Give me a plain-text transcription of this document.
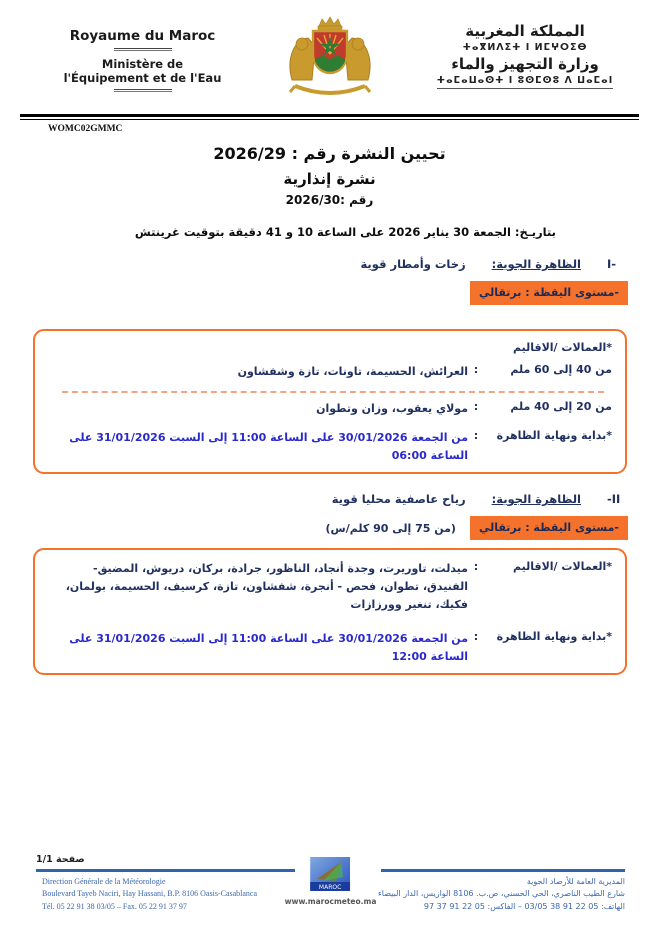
Royaume du Maroc
Ministère de
l'Équipement et de l'Eau
المملكة المغربية
ⵜⴰⴳⵍⴷⵉⵜ ⵏ ⵍⵎⵖⵔⵉⴱ
وزارة التجهيز والماء
ⵜⴰⵎⴰⵡⴰⵙⵜ ⵏ ⵓⵙⵎⵙⵓ ⴷ ⵡⴰⵎⴰⵏ
WOMC02GMMC
تحيين النشرة رقم : 2026/29
نشرة إنذارية
رقم :2026/30
بتاريـخ: الجمعة 30 يناير 2026 على الساعة 10 و 41 دقيقة بتوقيت غرينتش
I-
الظاهرة الجوية:
زخات وأمطار قوية
-مستوى اليقظة : برتقالي
*العمالات /الاقاليم
من 40 إلى 60 ملم
:
العرائش، الحسيمة، تاونات، تازة وشفشاون
من 20 إلى 40 ملم
:
مولاي يعقوب، وزان وتطوان
*بداية ونهاية الظاهرة
:
من الجمعة 30/01/2026 على الساعة 11:00 إلى السبت 31/01/2026 على الساعة 06:00
-II
الظاهرة الجوية:
رياح عاصفية محليا قوية
-مستوى اليقظة : برتقالي
(من 75 إلى 90 كلم/س)
*العمالات /الاقاليم
:
ميدلت، تاوريرت، وجدة أنجاد، الناظور، جرادة، بركان، دريوش، المضيق-الفنيدق، تطوان، فحص - أنجرة، شفشاون، تازة، كرسيف، الحسيمة، بولمان، فكيك، تنغير وورزازات
*بداية ونهاية الظاهرة
:
من الجمعة 30/01/2026 على الساعة 11:00 إلى السبت 31/01/2026 على الساعة 12:00
صفحة 1/1
Direction Générale de la Météorologie
Boulevard Tayeb Naciri, Hay Hassani, B.P. 8106 Oasis-Casablanca
Tél. 05 22 91 38 03/05 – Fax. 05 22 91 37 97
MAROC
www.marocmeteo.ma
المديرية العامة للأرصاد الجوية
شارع الطيب الناصري، الحي الحسني، ص.ب. 8106 الوازيس، الدار البيضاء
الهاتف: 05 22 91 38 03/05 – الفاكس: 05 22 91 37 97
